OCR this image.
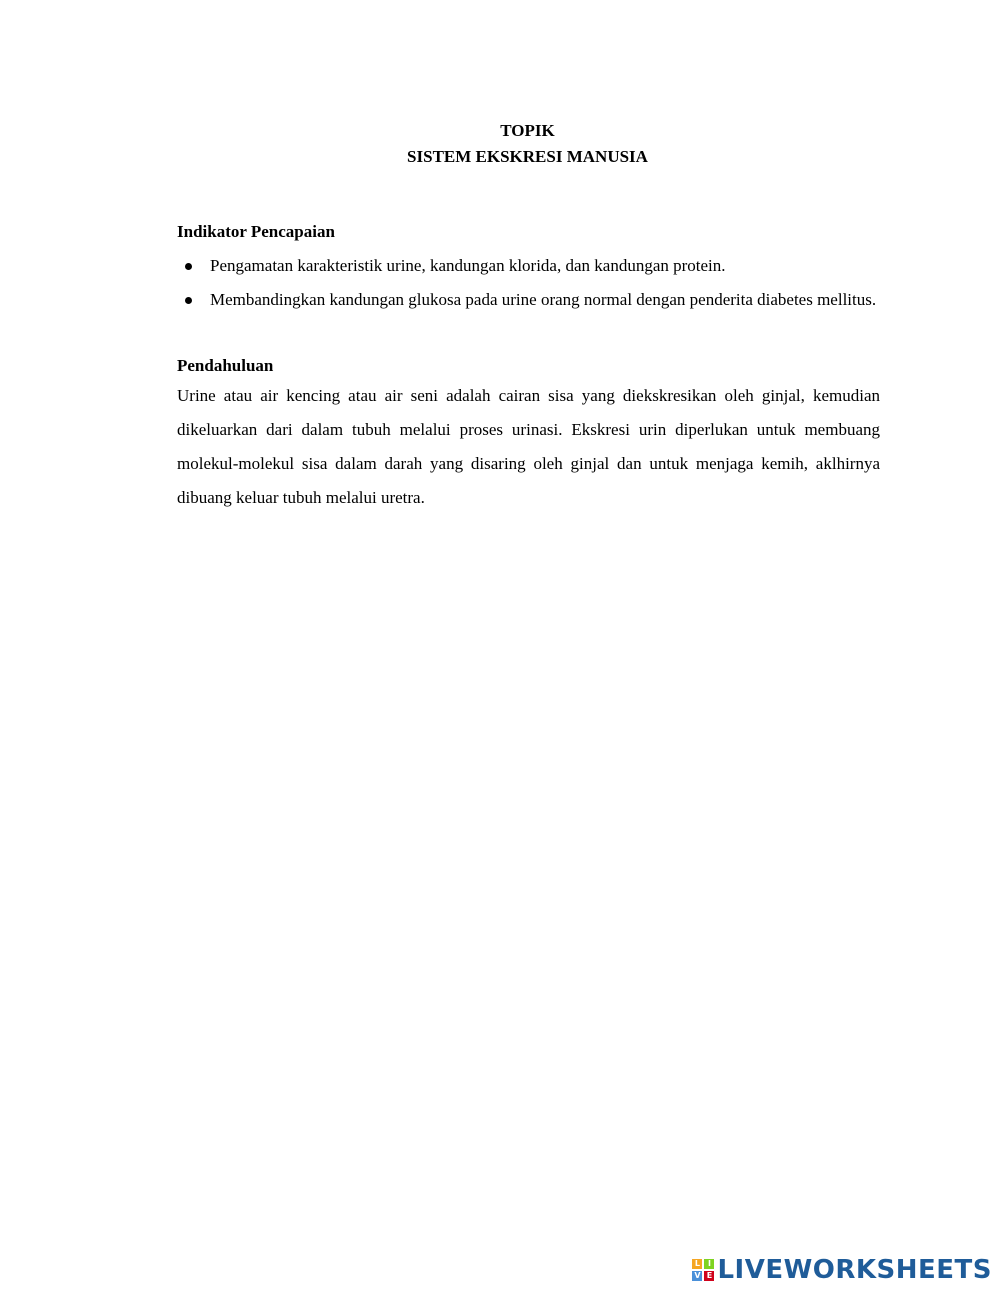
TOPIK
SISTEM EKSKRESI MANUSIA
Indikator Pencapaian
Pengamatan karakteristik urine, kandungan klorida, dan kandungan protein.
Membandingkan kandungan glukosa pada urine orang normal dengan penderita diabetes mellitus.
Pendahuluan

Urine atau air kencing atau air seni adalah cairan sisa yang diekskresikan oleh ginjal, kemudian dikeluarkan dari dalam tubuh melalui proses urinasi. Ekskresi urin diperlukan untuk membuang molekul-molekul sisa dalam darah yang disaring oleh ginjal dan untuk menjaga kemih, aklhirnya dibuang keluar tubuh melalui uretra.

L I
V E LIVEWORKSHEETS
